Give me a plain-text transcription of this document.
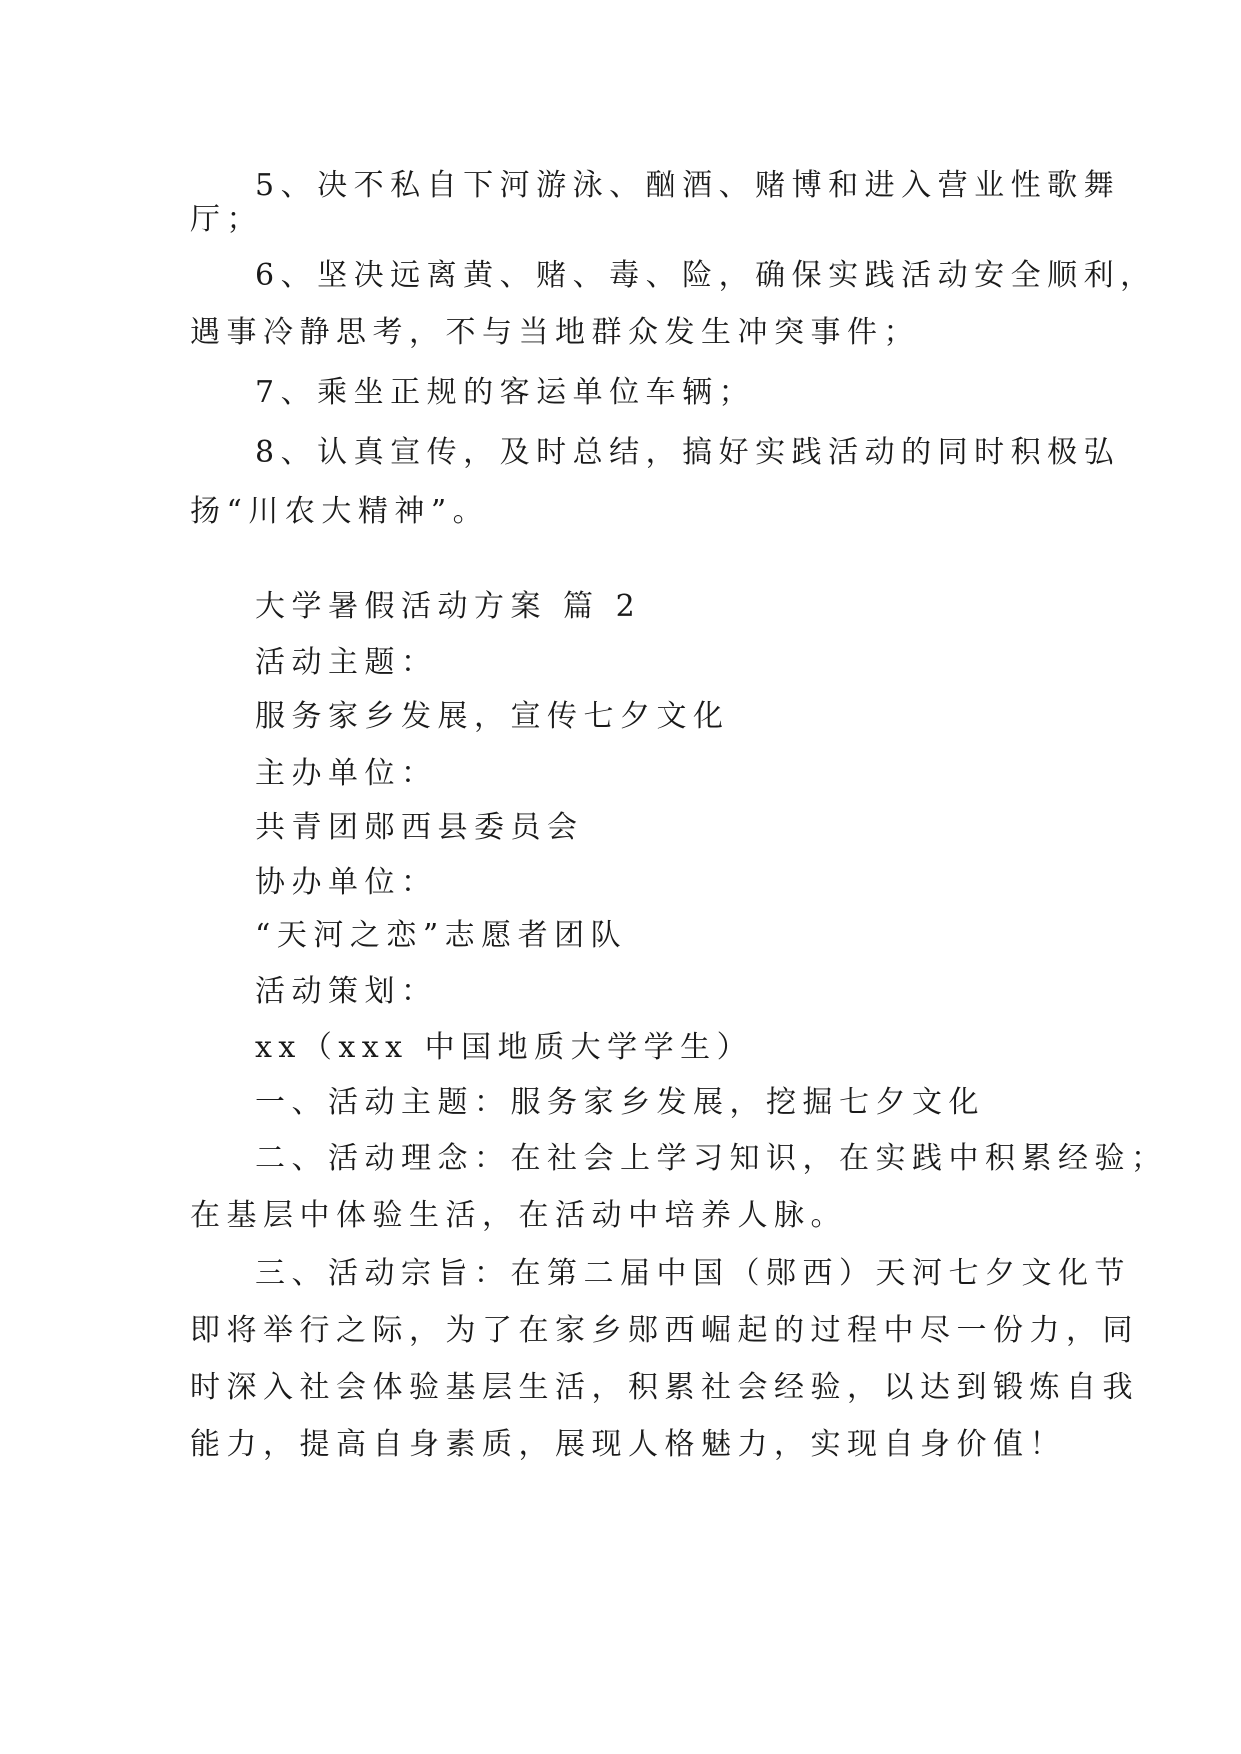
5、决不私自下河游泳、酗酒、赌博和进入营业性歌舞
厅；
6、坚决远离黄、赌、毒、险，确保实践活动安全顺利，
遇事冷静思考，不与当地群众发生冲突事件；
7、乘坐正规的客运单位车辆；
8、认真宣传，及时总结，搞好实践活动的同时积极弘
扬“川农大精神”。
大学暑假活动方案 篇 2
活动主题：
服务家乡发展，宣传七夕文化
主办单位：
共青团郧西县委员会
协办单位：
“天河之恋”志愿者团队
活动策划：
xx（xxx 中国地质大学学生）
一、活动主题：服务家乡发展，挖掘七夕文化
二、活动理念：在社会上学习知识，在实践中积累经验；
在基层中体验生活，在活动中培养人脉。
三、活动宗旨：在第二届中国（郧西）天河七夕文化节
即将举行之际，为了在家乡郧西崛起的过程中尽一份力，同
时深入社会体验基层生活，积累社会经验，以达到锻炼自我
能力，提高自身素质，展现人格魅力，实现自身价值！
